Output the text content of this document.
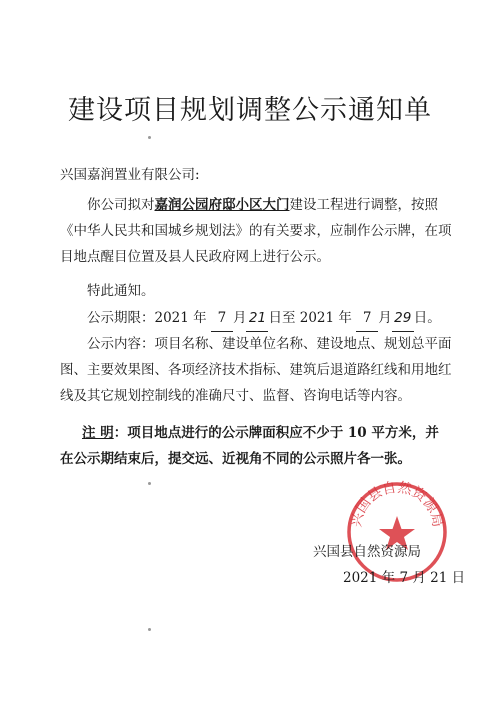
建设项目规划调整公示通知单
兴国嘉润置业有限公司:
你公司拟对嘉润公园府邸小区大门建设工程进行调整，按照《中华人民共和国城乡规划法》的有关要求，应制作公示牌，在项目地点醒目位置及县人民政府网上进行公示。
特此通知。
公示期限：2021 年 7 月 21 日至 2021 年 7 月 29 日。
公示内容：项目名称、建设单位名称、建设地点、规划总平面图、主要效果图、各项经济技术指标、建筑后退道路红线和用地红线及其它规划控制线的准确尺寸、监督、咨询电话等内容。
注 明：项目地点进行的公示牌面积应不少于 10 平方米，并在公示期结束后，提交远、近视角不同的公示照片各一张。
兴国县自然资源局
兴国县自然资源局
2021 年 7 月 21 日
